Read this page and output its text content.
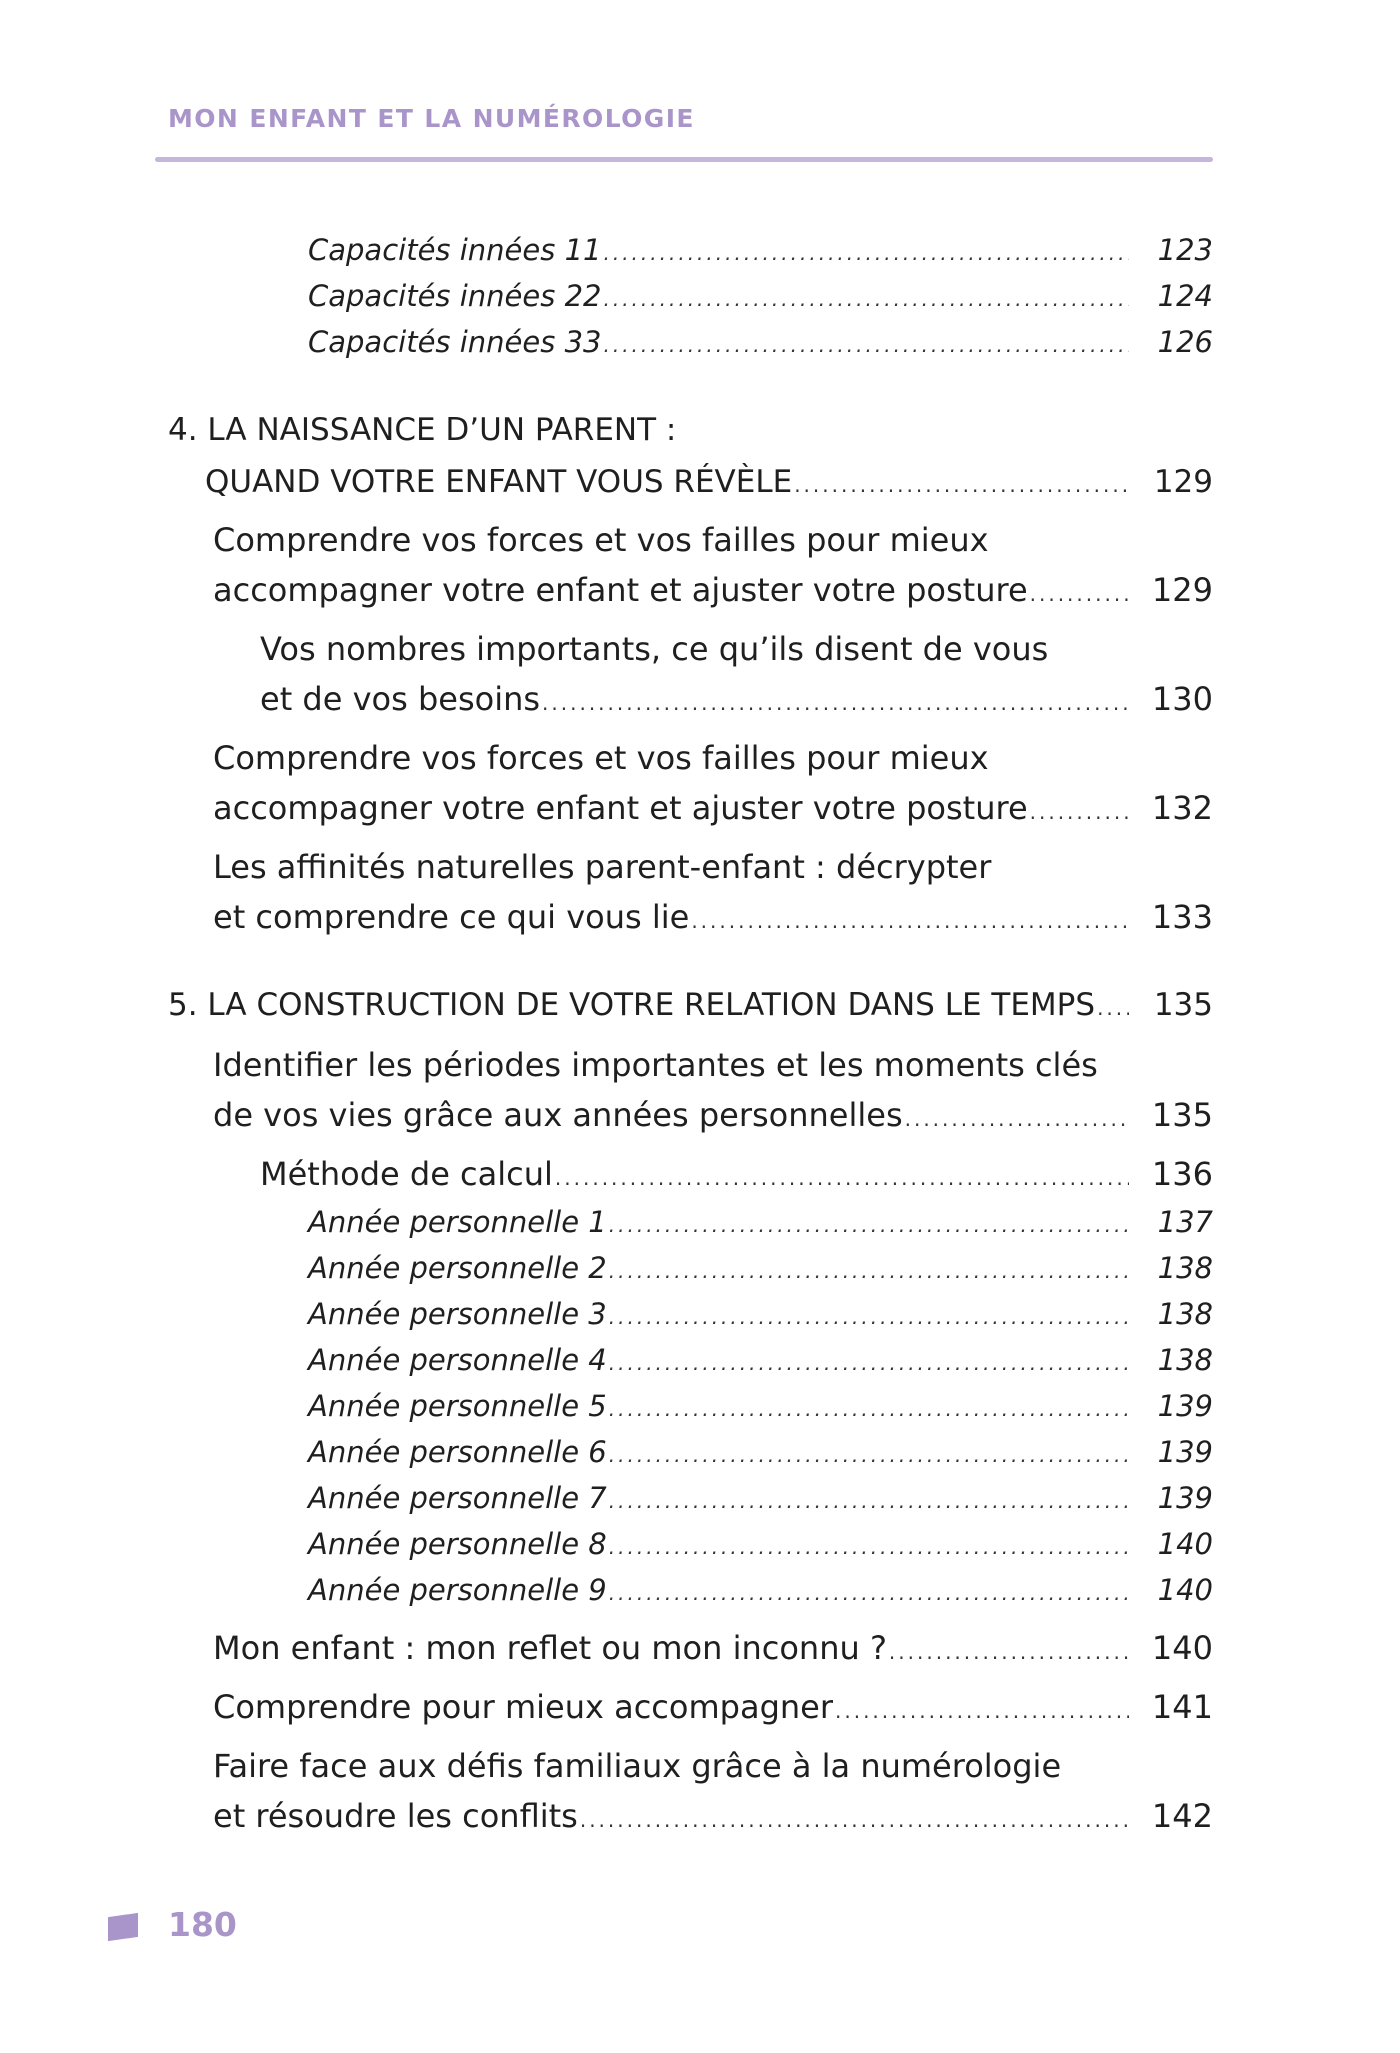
MON ENFANT ET LA NUMÉROLOGIE
Capacités innées 11 .....	123
Capacités innées 22 .....	124
Capacités innées 33 .....	126
4. LA NAISSANCE D’UN PARENT :
QUAND VOTRE ENFANT VOUS RÉVÈLE .....	129
Comprendre vos forces et vos failles pour mieux
accompagner votre enfant et ajuster votre posture .....	129
Vos nombres importants, ce qu’ils disent de vous
et de vos besoins .....	130
Comprendre vos forces et vos failles pour mieux
accompagner votre enfant et ajuster votre posture .....	132
Les affinités naturelles parent-enfant : décrypter
et comprendre ce qui vous lie .....	133
5. LA CONSTRUCTION DE VOTRE RELATION DANS LE TEMPS .....	135
Identifier les périodes importantes et les moments clés
de vos vies grâce aux années personnelles .....	135
Méthode de calcul .....	136
Année personnelle 1 .....	137
Année personnelle 2 .....	138
Année personnelle 3 .....	138
Année personnelle 4 .....	138
Année personnelle 5 .....	139
Année personnelle 6 .....	139
Année personnelle 7 .....	139
Année personnelle 8 .....	140
Année personnelle 9 .....	140
Mon enfant : mon reflet ou mon inconnu ? .....	140
Comprendre pour mieux accompagner .....	141
Faire face aux défis familiaux grâce à la numérologie
et résoudre les conflits .....	142
180
